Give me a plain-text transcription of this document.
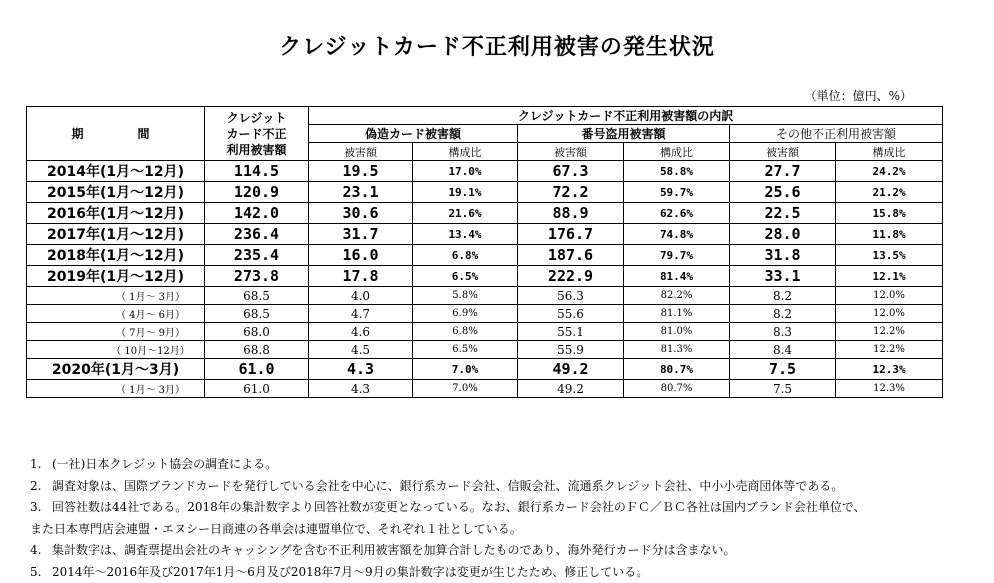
クレジットカード不正利用被害の発生状況
（単位：億円、%）
期　　間	クレジット
カード不正
利用被害額	クレジットカード不正利用被害額の内訳					
		偽造カード被害額		番号盗用被害額		その他不正利用被害額	
		被害額	構成比	被害額	構成比	被害額	構成比
2014年(1月～12月)	114.5	19.5	17.0%	67.3	58.8%	27.7	24.2%
2015年(1月～12月)	120.9	23.1	19.1%	72.2	59.7%	25.6	21.2%
2016年(1月～12月)	142.0	30.6	21.6%	88.9	62.6%	22.5	15.8%
2017年(1月～12月)	236.4	31.7	13.4%	176.7	74.8%	28.0	11.8%
2018年(1月～12月)	235.4	16.0	6.8%	187.6	79.7%	31.8	13.5%
2019年(1月～12月)	273.8	17.8	6.5%	222.9	81.4%	33.1	12.1%
（ 1月～ 3月）	68.5	4.0	5.8%	56.3	82.2%	8.2	12.0%
（ 4月～ 6月）	68.5	4.7	6.9%	55.6	81.1%	8.2	12.0%
（ 7月～ 9月）	68.0	4.6	6.8%	55.1	81.0%	8.3	12.2%
（ 10月～12月）	68.8	4.5	6.5%	55.9	81.3%	8.4	12.2%
2020年(1月～3月)	61.0	4.3	7.0%	49.2	80.7%	7.5	12.3%
（ 1月～ 3月）	61.0	4.3	7.0%	49.2	80.7%	7.5	12.3%
1. (一社)日本クレジット協会の調査による。
2. 調査対象は、国際ブランドカードを発行している会社を中心に、銀行系カード会社、信販会社、流通系クレジット会社、中小小売商団体等である。
3. 回答社数は44社である。2018年の集計数字より回答社数が変更となっている。なお、銀行系カード会社のＦＣ／ＢＣ各社は国内ブランド会社単位で、
また日本専門店会連盟・エヌシー日商連の各単会は連盟単位で、それぞれ１社としている。
4. 集計数字は、調査票提出会社のキャッシングを含む不正利用被害額を加算合計したものであり、海外発行カード分は含まない。
5. 2014年～2016年及び2017年1月～6月及び2018年7月～9月の集計数字は変更が生じたため、修正している。
